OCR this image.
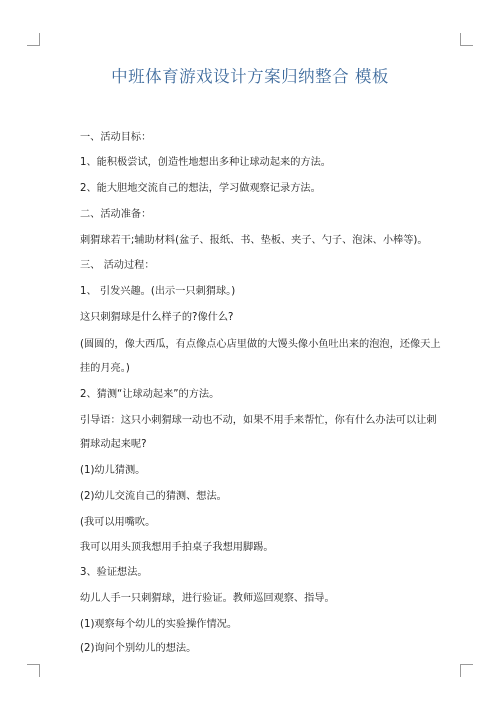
中班体育游戏设计方案归纳整合 模板
一、活动目标：
1、能积极尝试，创造性地想出多种让球动起来的方法。
2、能大胆地交流自己的想法，学习做观察记录方法。
二、活动准备：
刺猬球若干;辅助材料(盆子、报纸、书、垫板、夹子、勺子、泡沫、小棒等)。
三、 活动过程：
1、 引发兴趣。(出示一只刺猬球。)
这只刺猬球是什么样子的?像什么?
(圆圆的，像大西瓜，有点像点心店里做的大馒头像小鱼吐出来的泡泡，还像天上
挂的月亮。)
2、猜测“让球动起来”的方法。
引导语：这只小刺猬球一动也不动，如果不用手来帮忙，你有什么办法可以让刺
猬球动起来呢?
(1)幼儿猜测。
(2)幼儿交流自己的猜测、想法。
(我可以用嘴吹。
我可以用头顶我想用手拍桌子我想用脚踢。
3、验证想法。
幼儿人手一只刺猬球，进行验证。教师巡回观察、指导。
(1)观察每个幼儿的实验操作情况。
(2)询问个别幼儿的想法。
